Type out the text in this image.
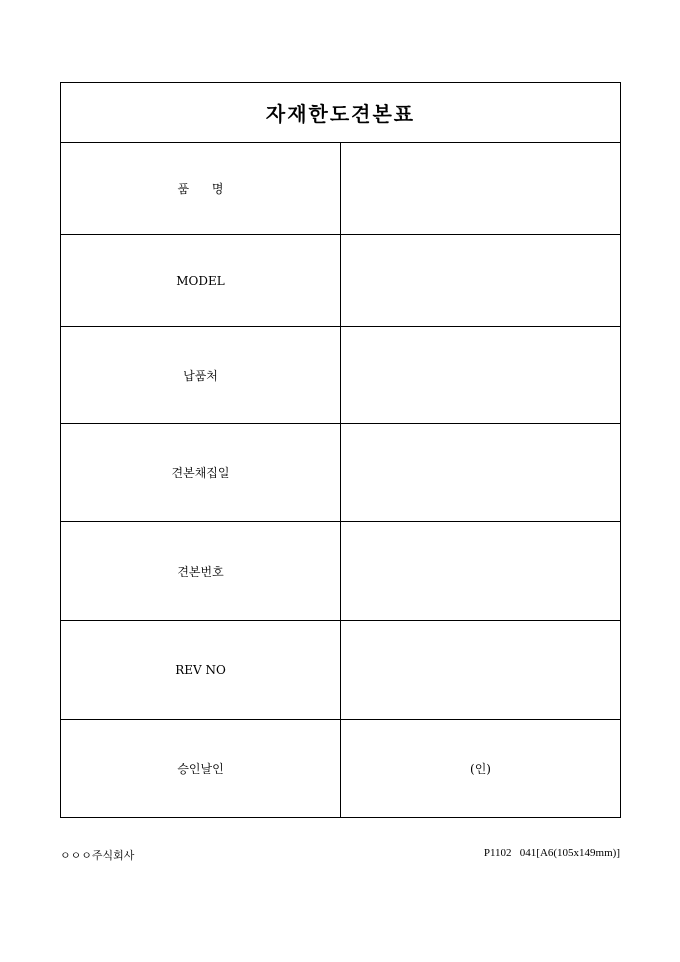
자재한도견본표	
품      명	
MODEL	
납품처	
견본채집일	
견본번호	
REV NO	
승인날인	(인)
ㅇㅇㅇ주식회사	P1102   041[A6(105x149mm)]
